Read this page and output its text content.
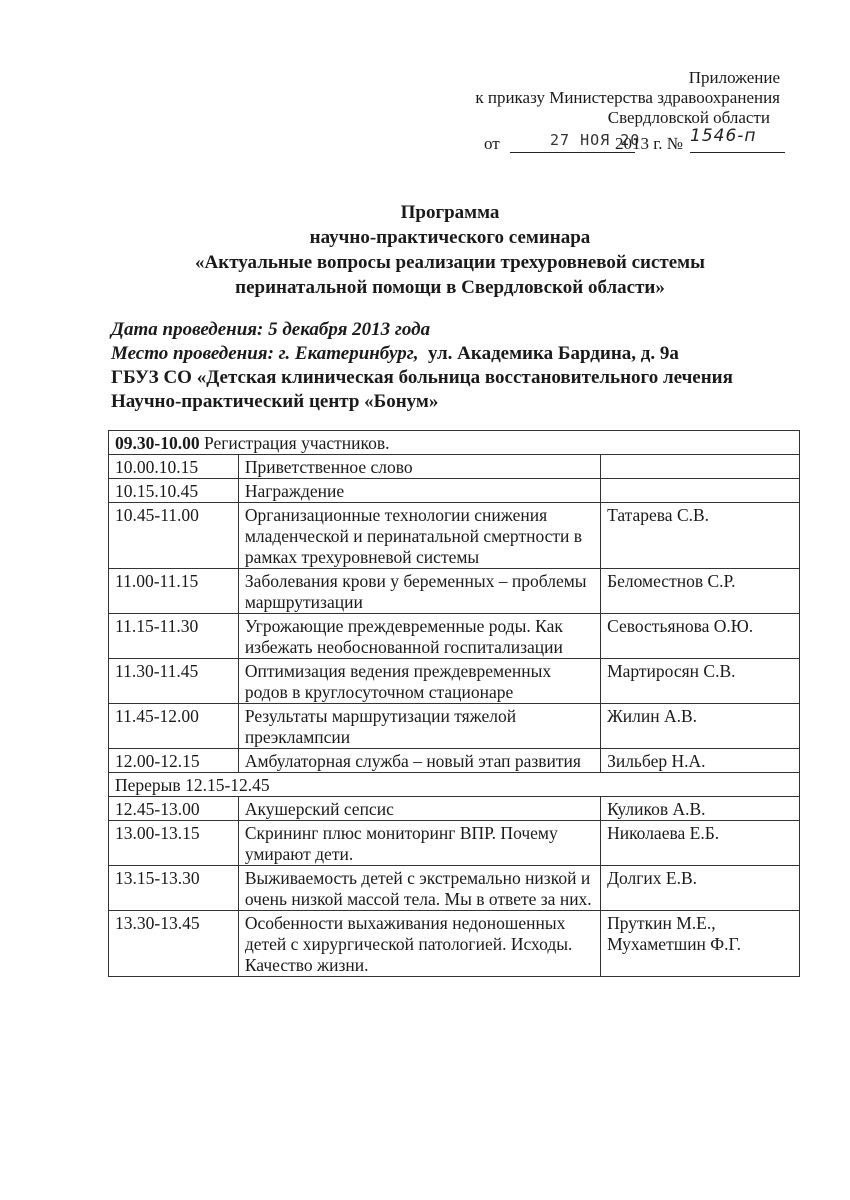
Приложение
к приказу Министерства здравоохранения
Свердловской области
от	27 НОЯ 20
2013 г. № 1546-п
Программа
научно-практического семинара
«Актуальные вопросы реализации трехуровневой системы
перинатальной помощи в Свердловской области»
Дата проведения: 5 декабря 2013 года
Место проведения: г. Екатеринбург, ул. Академика Бардина, д. 9а
ГБУЗ СО «Детская клиническая больница восстановительного лечения
Научно-практический центр «Бонум»
09.30-10.00 Регистрация участников.		
10.00.10.15	Приветственное слово	
10.15.10.45	Награждение	
10.45-11.00	Организационные технологии снижения младенческой и перинатальной смертности в рамках трехуровневой системы	Татарева С.В.
11.00-11.15	Заболевания крови у беременных – проблемы маршрутизации	Беломестнов С.Р.
11.15-11.30	Угрожающие преждевременные роды. Как избежать необоснованной госпитализации	Севостьянова О.Ю.
11.30-11.45	Оптимизация ведения преждевременных родов в круглосуточном стационаре	Мартиросян С.В.
11.45-12.00	Результаты маршрутизации тяжелой преэклампсии	Жилин А.В.
12.00-12.15	Амбулаторная служба – новый этап развития	Зильбер Н.А.
Перерыв 12.15-12.45		
12.45-13.00	Акушерский сепсис	Куликов А.В.
13.00-13.15	Скрининг плюс мониторинг ВПР. Почему умирают дети.	Николаева Е.Б.
13.15-13.30	Выживаемость детей с экстремально низкой и очень низкой массой тела. Мы в ответе за них.	Долгих Е.В.
13.30-13.45	Особенности выхаживания недоношенных детей с хирургической патологией. Исходы. Качество жизни.	Пруткин М.Е., Мухаметшин Ф.Г.
